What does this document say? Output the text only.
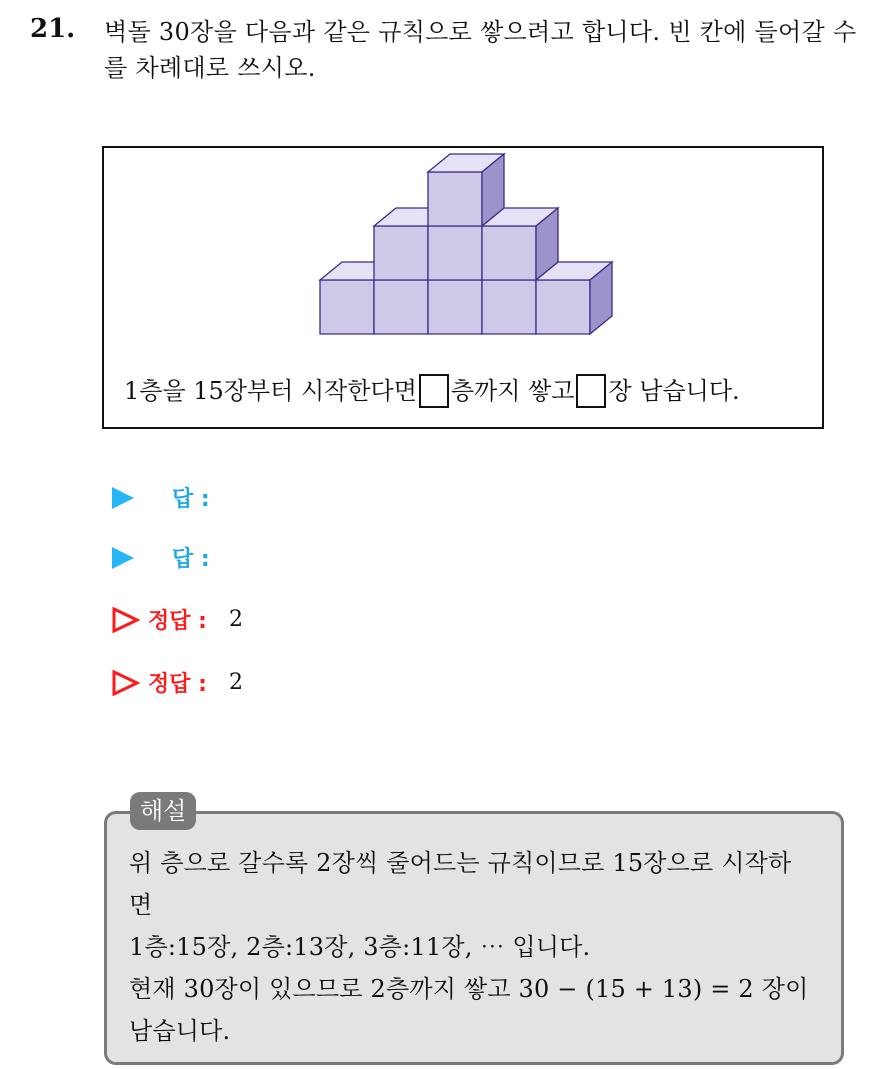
21. 벽돌 30장을 다음과 같은 규칙으로 쌓으려고 합니다. 빈 칸에 들어갈 수를 차례대로 쓰시오.
1층을 15장부터 시작한다면 층까지 쌓고 장 남습니다.
답 :
답 :
정답 : 2
정답 : 2
위 층으로 갈수록 2장씩 줄어드는 규칙이므로 15장으로 시작하
면
1층:15장, 2층:13장, 3층:11장, ⋯ 입니다.
현재 30장이 있으므로 2층까지 쌓고 30 − (15 + 13) = 2 장이
남습니다.
해설
